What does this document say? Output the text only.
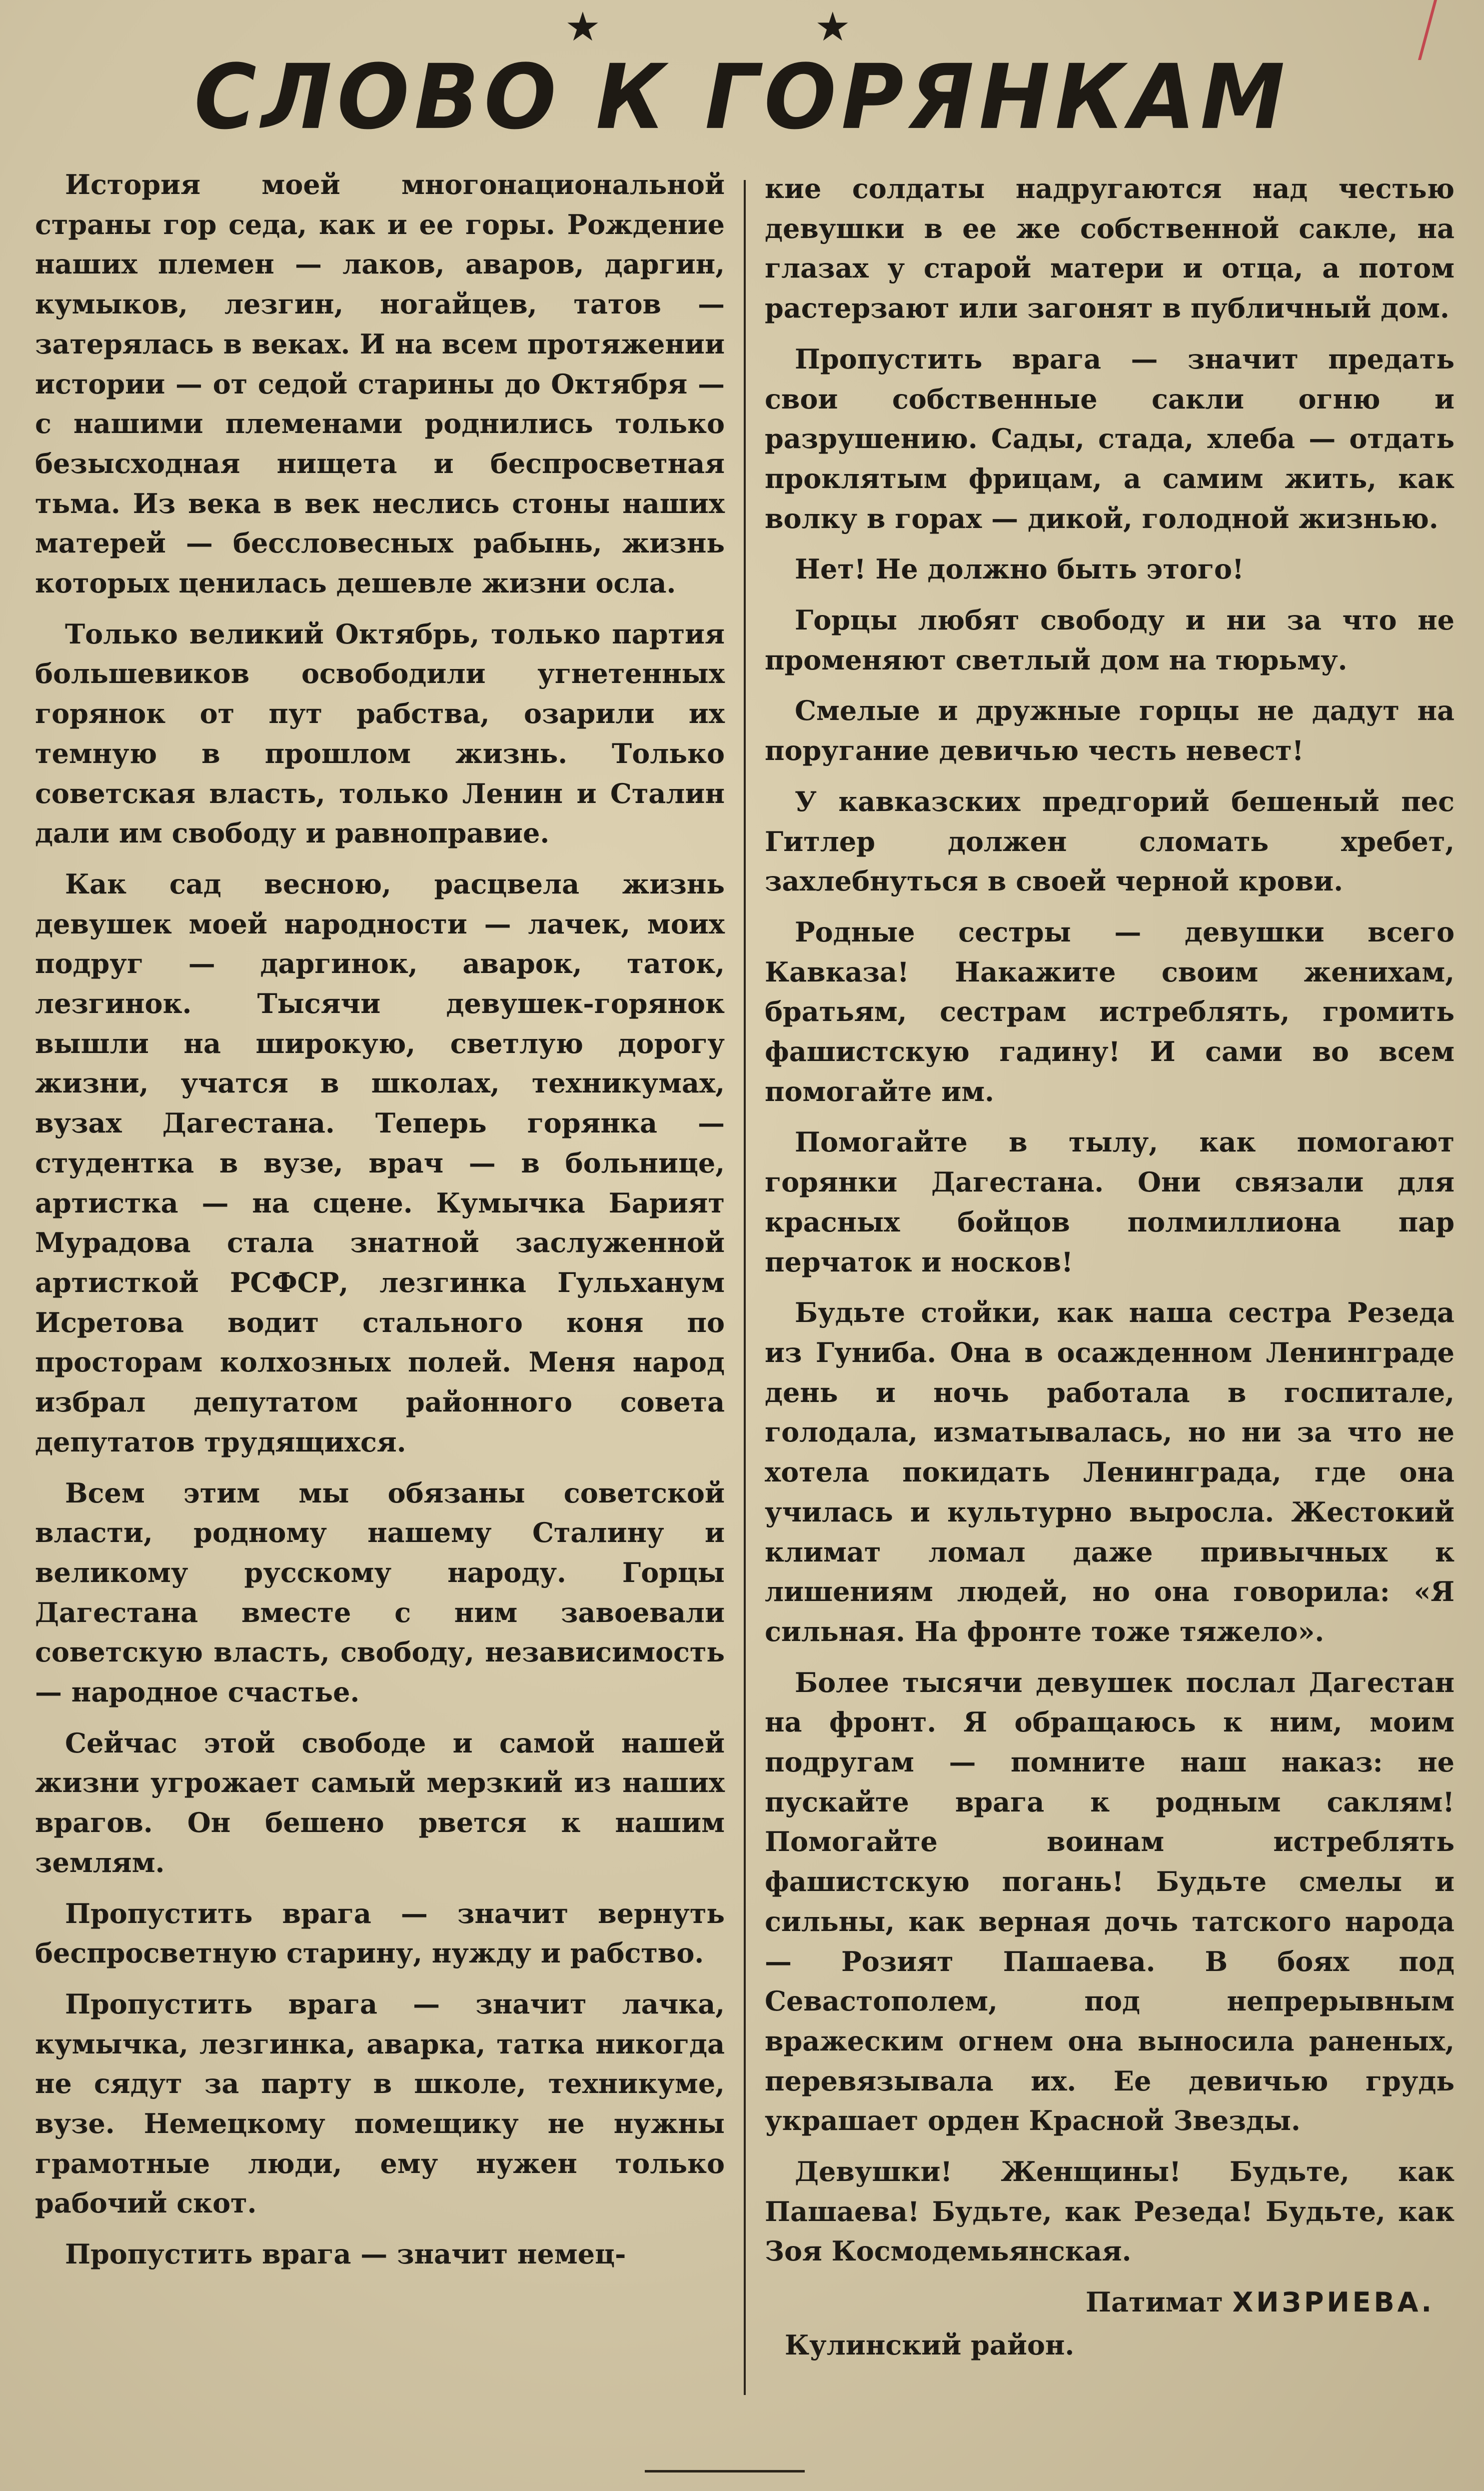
★	★
СЛОВО К ГОРЯНКАМ

История моей многонациональной страны гор седа, как и ее горы. Рождение наших племен — лаков, аваров, даргин, кумыков, лезгин, ногайцев, татов — затерялась в веках. И на всем протяжении истории — от седой старины до Октября — с нашими племенами роднились только безысходная нищета и беспросветная тьма. Из века в век неслись стоны наших матерей — бессловесных рабынь, жизнь которых ценилась дешевле жизни осла.

Только великий Октябрь, только партия большевиков освободили угнетенных горянок от пут рабства, озарили их темную в прошлом жизнь. Только советская власть, только Ленин и Сталин дали им свободу и равноправие.

Как сад весною, расцвела жизнь девушек моей народности — лачек, моих подруг — даргинок, аварок, таток, лезгинок. Тысячи девушек-горянок вышли на широкую, светлую дорогу жизни, учатся в школах, техникумах, вузах Дагестана. Теперь горянка — студентка в вузе, врач — в больнице, артистка — на сцене. Кумычка Барият Мурадова стала знатной заслуженной артисткой РСФСР, лезгинка Гульханум Исретова водит стального коня по просторам колхозных полей. Меня народ избрал депутатом районного совета депутатов трудящихся.

Всем этим мы обязаны советской власти, родному нашему Сталину и великому русскому народу. Горцы Дагестана вместе с ним завоевали советскую власть, свободу, независимость — народное счастье.

Сейчас этой свободе и самой нашей жизни угрожает самый мерзкий из наших врагов. Он бешено рвется к нашим землям.

Пропустить врага — значит вернуть беспросветную старину, нужду и рабство.

Пропустить врага — значит лачка, кумычка, лезгинка, аварка, татка никогда не сядут за парту в школе, техникуме, вузе. Немецкому помещику не нужны грамотные люди, ему нужен только рабочий скот.

Пропустить врага — значит немец-

кие солдаты надругаются над честью девушки в ее же собственной сакле, на глазах у старой матери и отца, а потом растерзают или загонят в публичный дом.

Пропустить врага — значит предать свои собственные сакли огню и разрушению. Сады, стада, хлеба — отдать проклятым фрицам, а самим жить, как волку в горах — дикой, голодной жизнью.

Нет! Не должно быть этого!

Горцы любят свободу и ни за что не променяют светлый дом на тюрьму.

Смелые и дружные горцы не дадут на поругание девичью честь невест!

У кавказских предгорий бешеный пес Гитлер должен сломать хребет, захлебнуться в своей черной крови.

Родные сестры — девушки всего Кавказа! Накажите своим женихам, братьям, сестрам истреблять, громить фашистскую гадину! И сами во всем помогайте им.

Помогайте в тылу, как помогают горянки Дагестана. Они связали для красных бойцов полмиллиона пар перчаток и носков!

Будьте стойки, как наша сестра Резеда из Гуниба. Она в осажденном Ленинграде день и ночь работала в госпитале, голодала, изматывалась, но ни за что не хотела покидать Ленинграда, где она училась и культурно выросла. Жестокий климат ломал даже привычных к лишениям людей, но она говорила: «Я сильная. На фронте тоже тяжело».

Более тысячи девушек послал Дагестан на фронт. Я обращаюсь к ним, моим подругам — помните наш наказ: не пускайте врага к родным саклям! Помогайте воинам истреблять фашистскую погань! Будьте смелы и сильны, как верная дочь татского народа — Розият Пашаева. В боях под Севастополем, под непрерывным вражеским огнем она выносила раненых, перевязывала их. Ее девичью грудь украшает орден Красной Звезды.

Девушки! Женщины! Будьте, как Пашаева! Будьте, как Резеда! Будьте, как Зоя Космодемьянская.

Патимат ХИЗРИЕВА.
Кулинский район.
